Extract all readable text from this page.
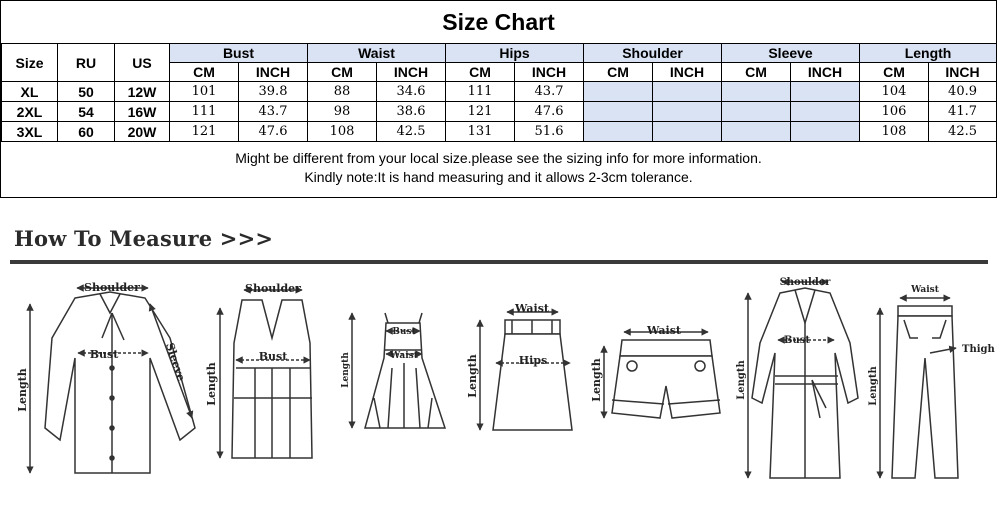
Size Chart
Size	RU	US	Bust		Waist		Hips		Shoulder		Sleeve		Length	
			CM	INCH	CM	INCH	CM	INCH	CM	INCH	CM	INCH	CM	INCH
XL	50	12W	101	39.8	88	34.6	111	43.7					104	40.9
2XL	54	16W	111	43.7	98	38.6	121	47.6					106	41.7
3XL	60	20W	121	47.6	108	42.5	131	51.6					108	42.5
Might be different from your local size.please see the sizing info for more information.
Kindly note:It is hand measuring and it allows 2-3cm tolerance.
How To Measure >>>
Shoulder
Bust
Length
Sleeve
Shoulder
Bust
Length
Bust
Waist
Length
Waist
Hips
Length
Waist
Length
Shoulder
Bust
Length
Waist
Thigh
Length
